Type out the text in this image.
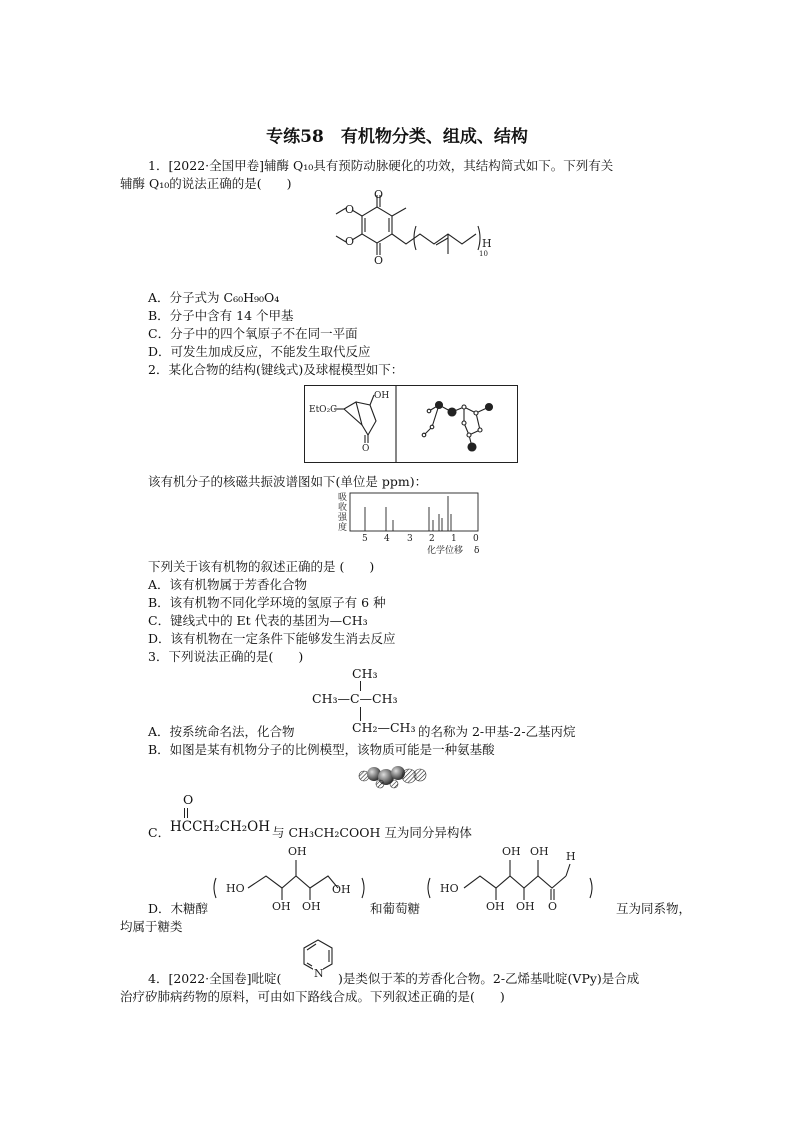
专练58　有机物分类、组成、结构
1．[2022·全国甲卷]辅酶 Q₁₀具有预防动脉硬化的功效，其结构简式如下。下列有关
辅酶 Q₁₀的说法正确的是(　　)
O
O
O
O
10
H
A．分子式为 C₆₀H₉₀O₄
B．分子中含有 14 个甲基
C．分子中的四个氧原子不在同一平面
D．可发生加成反应，不能发生取代反应
2．某化合物的结构(键线式)及球棍模型如下：
EtO₂C
OH
O
该有机分子的核磁共振波谱图如下(单位是 ppm)：
吸
收
强
度
5 4 3 2 1 0
化学位移 δ
下列关于该有机物的叙述正确的是 (　　)
A．该有机物属于芳香化合物
B．该有机物不同化学环境的氢原子有 6 种
C．键线式中的 Et 代表的基团为—CH₃
D．该有机物在一定条件下能够发生消去反应
3．下列说法正确的是(　　)
CH₃
CH₃—C—CH₃
A．按系统命名法，化合物	CH₂—CH₃ 的名称为 2-甲基-2-乙基丙烷
B．如图是某有机物分子的比例模型，该物质可能是一种氨基酸
O
C． HCCH₂CH₂OH 与 CH₃CH₂COOH 互为同分异构体
HO	OH
OH
OH OH
D．木糖醇	和葡萄糖
HO
OH OH
OH OH O
H
互为同系物，
均属于糖类
4．[2022·全国卷]吡啶(	N )是类似于苯的芳香化合物。2-乙烯基吡啶(VPy)是合成
治疗矽肺病药物的原料，可由如下路线合成。下列叙述正确的是(　　)
